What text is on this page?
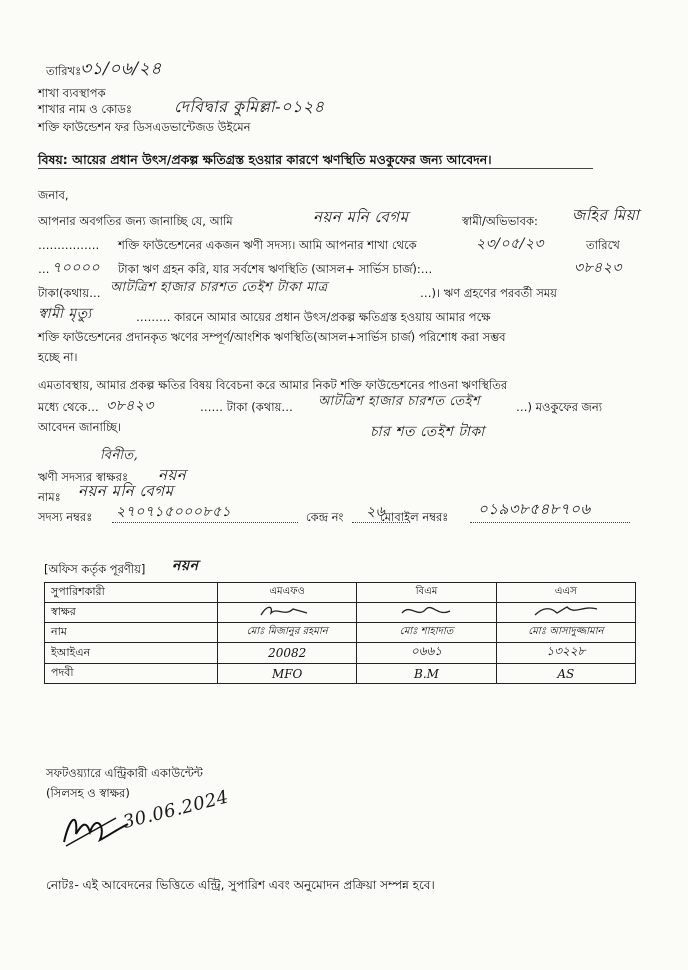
তারিখঃ
৩১/০৬/২৪
শাখা ব্যবস্থাপক
শাখার নাম ও কোডঃ	দেবিদ্বার কুমিল্লা-০১২৪
শক্তি ফাউন্ডেশন ফর ডিসএডভান্টেজড উইমেন
বিষয়: আয়ের প্রধান উৎস/প্রকল্প ক্ষতিগ্রস্ত হওয়ার কারণে ঋণস্থিতি মওকুফের জন্য আবেদন।
জনাব,
আপনার অবগতির জন্য জানাচ্ছি যে, আমি	নয়ন মনি বেগম	স্বামী/অভিভাবক: জহির মিয়া
……………. শক্তি ফাউন্ডেশনের একজন ঋণী সদস্য। আমি আপনার শাখা থেকে	২৩/০৫/২৩	তারিখে
… ৭০০০০ টাকা ঋণ গ্রহন করি, যার সর্বশেষ ঋণস্থিতি (আসল+ সার্ভিস চার্জ):…	৩৮৪২৩
টাকা(কথায়… আটত্রিশ হাজার চারশত তেইশ টাকা মাত্র	…)। ঋণ গ্রহণের পরবর্তী সময়
স্বামী মৃত্যু	……… কারনে আমার আয়ের প্রধান উৎস/প্রকল্প ক্ষতিগ্রস্ত হওয়ায় আমার পক্ষে
শক্তি ফাউন্ডেশনের প্রদানকৃত ঋণের সম্পূর্ণ/আংশিক ঋণস্থিতি(আসল+সার্ভিস চার্জ) পরিশোধ করা সম্ভব
হচ্ছে না।
এমতাবস্থায়, আমার প্রকল্প ক্ষতির বিষয় বিবেচনা করে আমার নিকট শক্তি ফাউন্ডেশনের পাওনা ঋণস্থিতির
মধ্যে থেকে… ৩৮৪২৩	…… টাকা (কথায়… আটত্রিশ হাজার চারশত তেইশ	…) মওকুফের জন্য
আবেদন জানাচ্ছি।	চার শত তেইশ টাকা
বিনীত,
ঋণী সদস্যর স্বাক্ষরঃ নয়ন
নামঃ নয়ন মনি বেগম
সদস্য নম্বরঃ ২৭০৭১৫০০০৮৫১	কেন্দ্র নং ২৬
মোবাইল নম্বরঃ ০১৯৩৮৫৪৮৭০৬
[অফিস কর্তৃক পূরণীয়] নয়ন
সুপারিশকারী	এমএফও	বিএম	এএস
স্বাক্ষর			
নাম	মোঃ মিজানুর রহমান	মোঃ শাহাদাত	মোঃ আসাদুজ্জামান
ইআইএন	20082	০৬৬১	১৩২২৮
পদবী	MFO	B.M	AS
সফটওয়্যারে এন্ট্রিকারী একাউন্টেন্ট
(সিলসহ ও স্বাক্ষর)
30.06.2024
নোটঃ- এই আবেদনের ভিত্তিতে এন্ট্রি, সুপারিশ এবং অনুমোদন প্রক্রিয়া সম্পন্ন হবে।
